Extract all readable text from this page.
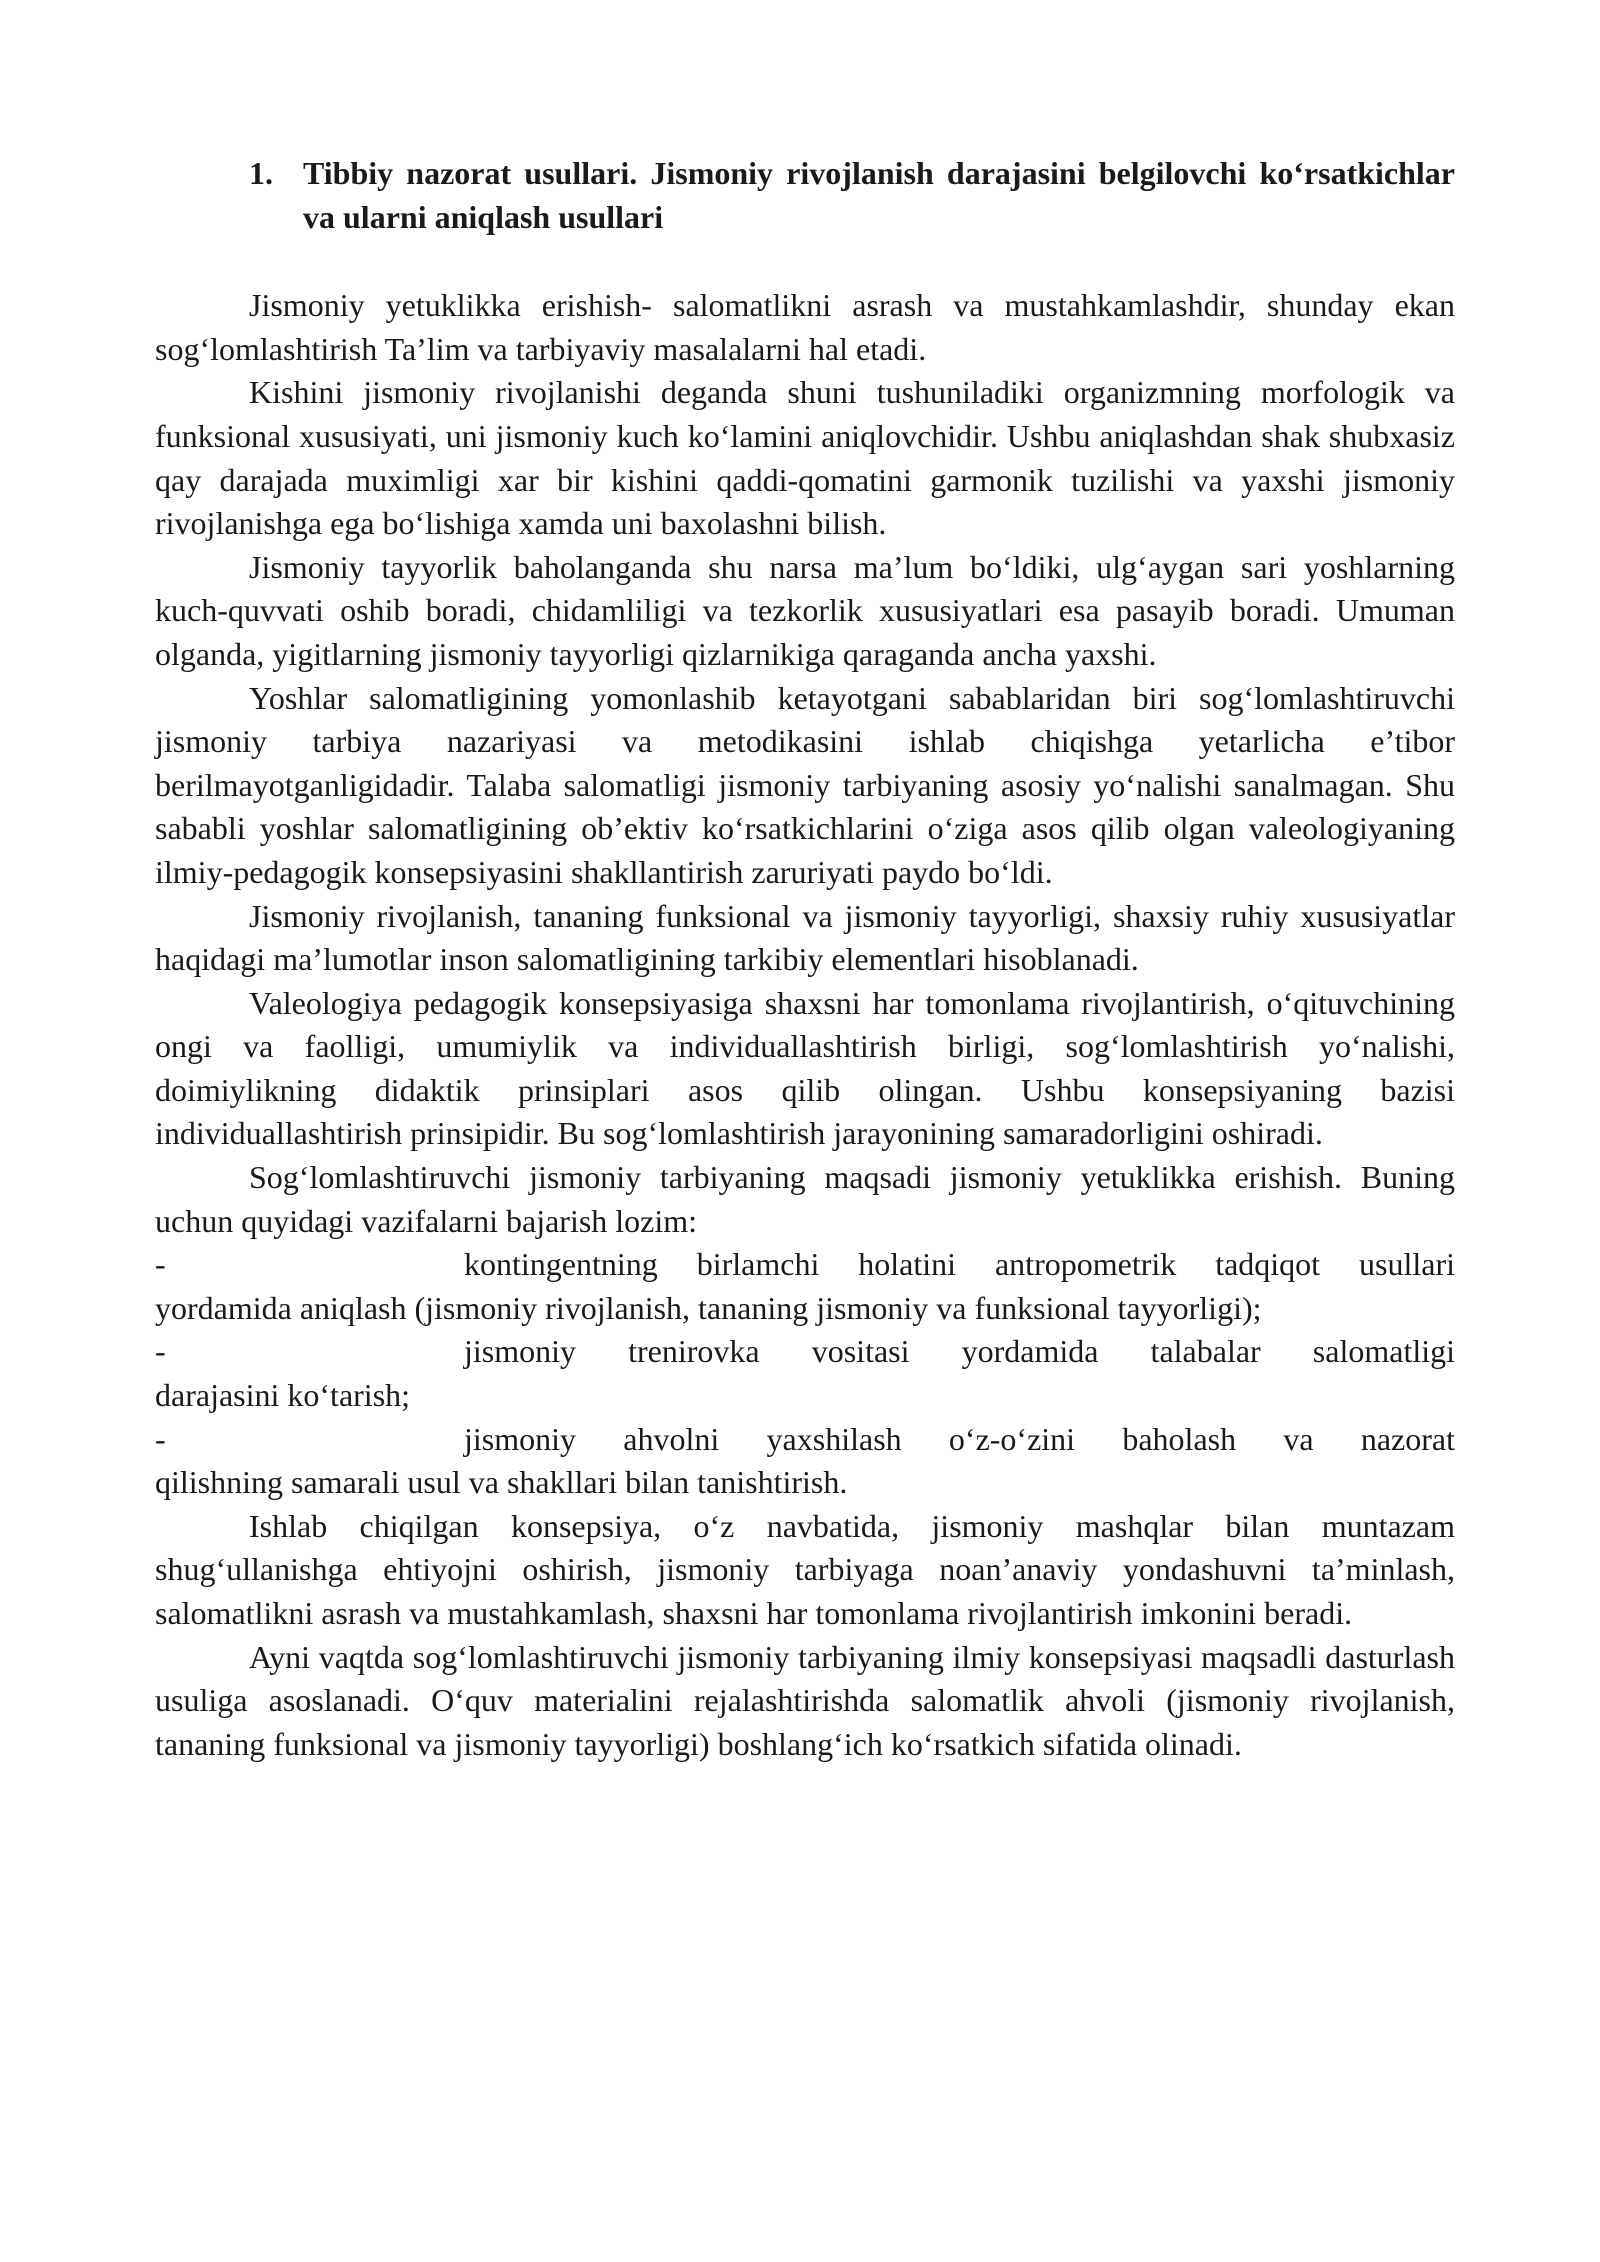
1. Tibbiy nazorat usullari. Jismoniy rivojlanish darajasini belgilovchi koʻrsatkichlar va ularni aniqlash usullari

Jismoniy yetuklikka erishish- salomatlikni asrash va mustahkamlashdir, shunday ekan sogʻlomlashtirish Ta’lim va tarbiyaviy masalalarni hal etadi.

Kishini jismoniy rivojlanishi deganda shuni tushuniladiki organizmning morfologik va funksional xususiyati, uni jismoniy kuch koʻlamini aniqlovchidir. Ushbu aniqlashdan shak shubxasiz qay darajada muximligi xar bir kishini qaddi-qomatini garmonik tuzilishi va yaxshi jismoniy rivojlanishga ega boʻlishiga xamda uni baxolashni bilish.

Jismoniy tayyorlik baholanganda shu narsa ma’lum boʻldiki, ulgʻaygan sari yoshlarning kuch-quvvati oshib boradi, chidamliligi va tezkorlik xususiyatlari esa pasayib boradi. Umuman olganda, yigitlarning jismoniy tayyorligi qizlarnikiga qaraganda ancha yaxshi.

Yoshlar salomatligining yomonlashib ketayotgani sabablaridan biri sogʻlomlashtiruvchi jismoniy tarbiya nazariyasi va metodikasini ishlab chiqishga yetarlicha e’tibor berilmayotganligidadir. Talaba salomatligi jismoniy tarbiyaning asosiy yoʻnalishi sanalmagan. Shu sababli yoshlar salomatligining ob’ektiv koʻrsatkichlarini oʻziga asos qilib olgan valeologiyaning ilmiy-pedagogik konsepsiyasini shakllantirish zaruriyati paydo boʻldi.

Jismoniy rivojlanish, tananing funksional va jismoniy tayyorligi, shaxsiy ruhiy xususiyatlar haqidagi ma’lumotlar inson salomatligining tarkibiy elementlari hisoblanadi.

Valeologiya pedagogik konsepsiyasiga shaxsni har tomonlama rivojlantirish, oʻqituvchining ongi va faolligi, umumiylik va individuallashtirish birligi, sogʻlomlashtirish yoʻnalishi, doimiylikning didaktik prinsiplari asos qilib olingan. Ushbu konsepsiyaning bazisi individuallashtirish prinsipidir. Bu sogʻlomlashtirish jarayonining samaradorligini oshiradi.

Sogʻlomlashtiruvchi jismoniy tarbiyaning maqsadi jismoniy yetuklikka erishish. Buning uchun quyidagi vazifalarni bajarish lozim:

-	kontingentning birlamchi holatini antropometrik tadqiqot usullari
yordamida aniqlash (jismoniy rivojlanish, tananing jismoniy va funksional tayyorligi);
-	jismoniy trenirovka vositasi yordamida talabalar salomatligi
darajasini koʻtarish;
-	jismoniy ahvolni yaxshilash oʻz-oʻzini baholash va nazorat
qilishning samarali usul va shakllari bilan tanishtirish.

Ishlab chiqilgan konsepsiya, oʻz navbatida, jismoniy mashqlar bilan muntazam shugʻullanishga ehtiyojni oshirish, jismoniy tarbiyaga noan’anaviy yondashuvni ta’minlash, salomatlikni asrash va mustahkamlash, shaxsni har tomonlama rivojlantirish imkonini beradi.

Ayni vaqtda sogʻlomlashtiruvchi jismoniy tarbiyaning ilmiy konsepsiyasi maqsadli dasturlash usuliga asoslanadi. Oʻquv materialini rejalashtirishda salomatlik ahvoli (jismoniy rivojlanish, tananing funksional va jismoniy tayyorligi) boshlangʻich koʻrsatkich sifatida olinadi.
